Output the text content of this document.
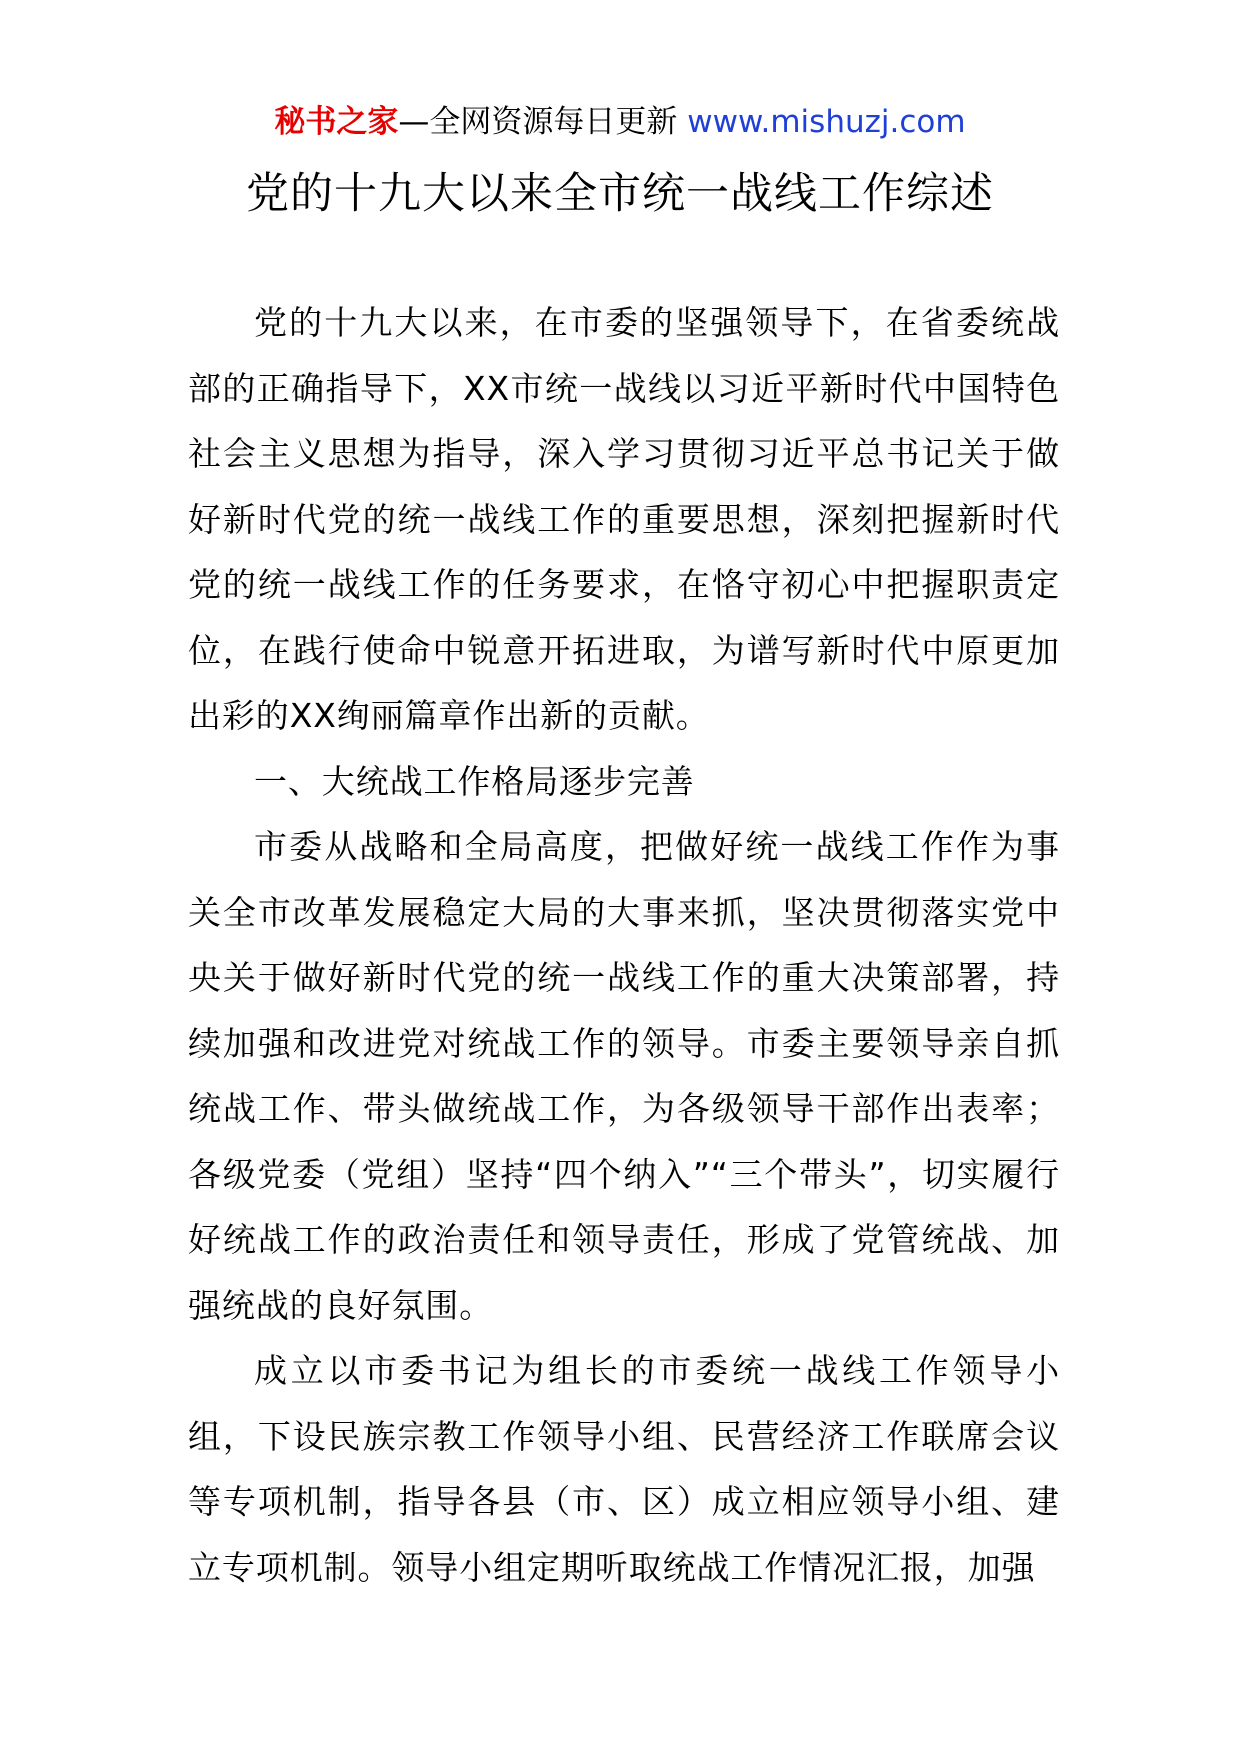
秘书之家—全网资源每日更新 www.mishuzj.com
党的十九大以来全市统一战线工作综述

党的十九大以来，在市委的坚强领导下，在省委统战部的正确指导下，XX市统一战线以习近平新时代中国特色社会主义思想为指导，深入学习贯彻习近平总书记关于做好新时代党的统一战线工作的重要思想，深刻把握新时代党的统一战线工作的任务要求，在恪守初心中把握职责定位，在践行使命中锐意开拓进取，为谱写新时代中原更加出彩的XX绚丽篇章作出新的贡献。

一、大统战工作格局逐步完善

市委从战略和全局高度，把做好统一战线工作作为事关全市改革发展稳定大局的大事来抓，坚决贯彻落实党中央关于做好新时代党的统一战线工作的重大决策部署，持续加强和改进党对统战工作的领导。市委主要领导亲自抓统战工作、带头做统战工作，为各级领导干部作出表率；各级党委（党组）坚持“四个纳入”“三个带头”，切实履行好统战工作的政治责任和领导责任，形成了党管统战、加强统战的良好氛围。

成立以市委书记为组长的市委统一战线工作领导小组，下设民族宗教工作领导小组、民营经济工作联席会议等专项机制，指导各县（市、区）成立相应领导小组、建立专项机制。领导小组定期听取统战工作情况汇报，加强
